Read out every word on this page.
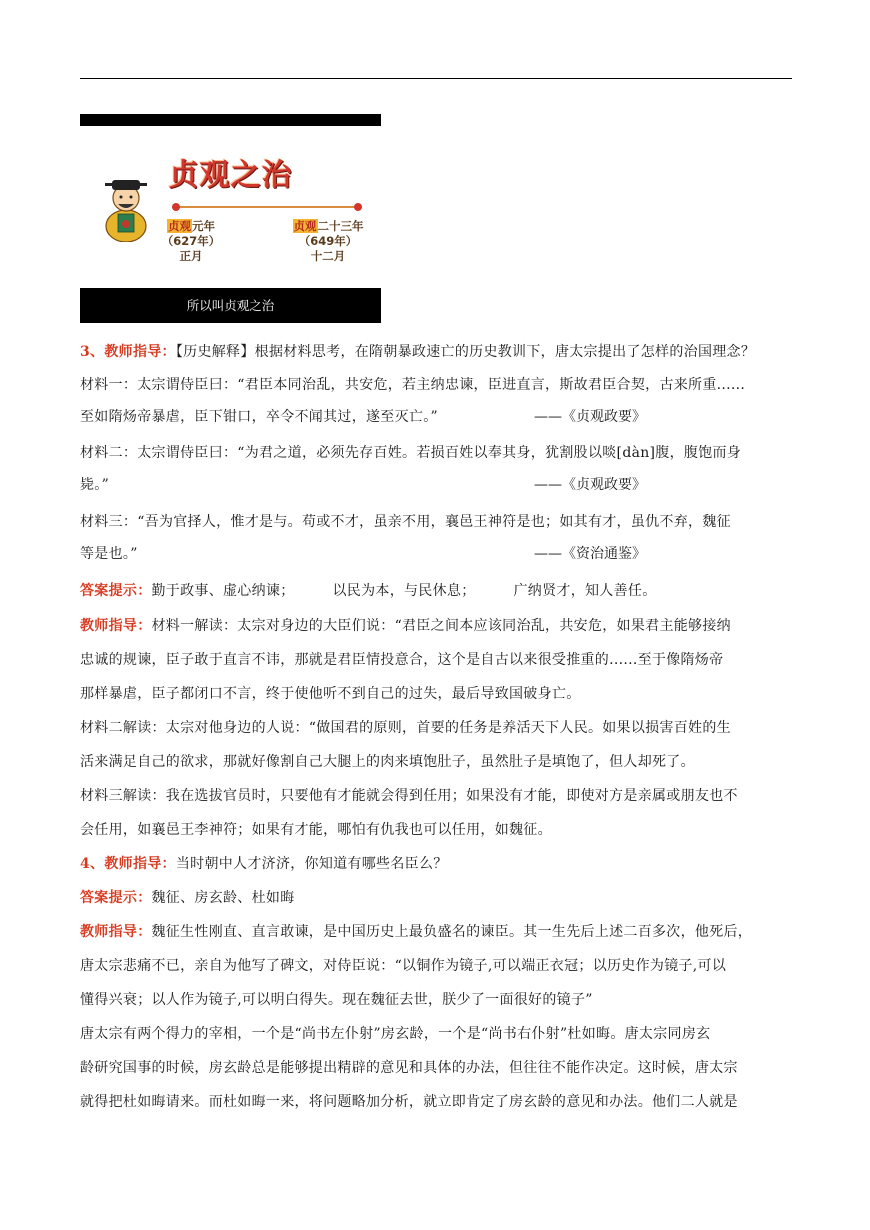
贞观之治
贞观元年
（627年）
正月
贞观二十三年
（649年）
十二月
所以叫贞观之治

3、教师指导：【历史解释】根据材料思考，在隋朝暴政速亡的历史教训下，唐太宗提出了怎样的治国理念？

材料一：太宗谓侍臣曰：“君臣本同治乱，共安危，若主纳忠谏，臣进直言，斯故君臣合契，古来所重......

至如隋炀帝暴虐，臣下钳口，卒令不闻其过，遂至灭亡。”	——《贞观政要》

材料二：太宗谓侍臣曰：“为君之道，必须先存百姓。若损百姓以奉其身，犹割股以啖[dàn]腹，腹饱而身

毙。”	——《贞观政要》

材料三：“吾为官择人，惟才是与。苟或不才，虽亲不用，襄邑王神符是也；如其有才，虽仇不弃，魏征

等是也。”	——《资治通鉴》

答案提示：勤于政事、虚心纳谏；	以民为本，与民休息；	广纳贤才，知人善任。

教师指导：材料一解读：太宗对身边的大臣们说：“君臣之间本应该同治乱，共安危，如果君主能够接纳

忠诚的规谏，臣子敢于直言不讳，那就是君臣情投意合，这个是自古以来很受推重的......至于像隋炀帝

那样暴虐，臣子都闭口不言，终于使他听不到自己的过失，最后导致国破身亡。

材料二解读：太宗对他身边的人说：“做国君的原则，首要的任务是养活天下人民。如果以损害百姓的生

活来满足自己的欲求，那就好像割自己大腿上的肉来填饱肚子，虽然肚子是填饱了，但人却死了。

材料三解读：我在选拔官员时，只要他有才能就会得到任用；如果没有才能，即使对方是亲属或朋友也不

会任用，如襄邑王李神符；如果有才能，哪怕有仇我也可以任用，如魏征。

4、教师指导：当时朝中人才济济，你知道有哪些名臣么？

答案提示：魏征、房玄龄、杜如晦

教师指导：魏征生性刚直、直言敢谏，是中国历史上最负盛名的谏臣。其一生先后上述二百多次，他死后，

唐太宗悲痛不已，亲自为他写了碑文，对侍臣说：“以铜作为镜子,可以端正衣冠；以历史作为镜子,可以

懂得兴衰；以人作为镜子,可以明白得失。现在魏征去世，朕少了一面很好的镜子”

唐太宗有两个得力的宰相，一个是“尚书左仆射”房玄龄，一个是“尚书右仆射”杜如晦。唐太宗同房玄

龄研究国事的时候，房玄龄总是能够提出精辟的意见和具体的办法，但往往不能作决定。这时候，唐太宗

就得把杜如晦请来。而杜如晦一来，将问题略加分析，就立即肯定了房玄龄的意见和办法。他们二人就是
